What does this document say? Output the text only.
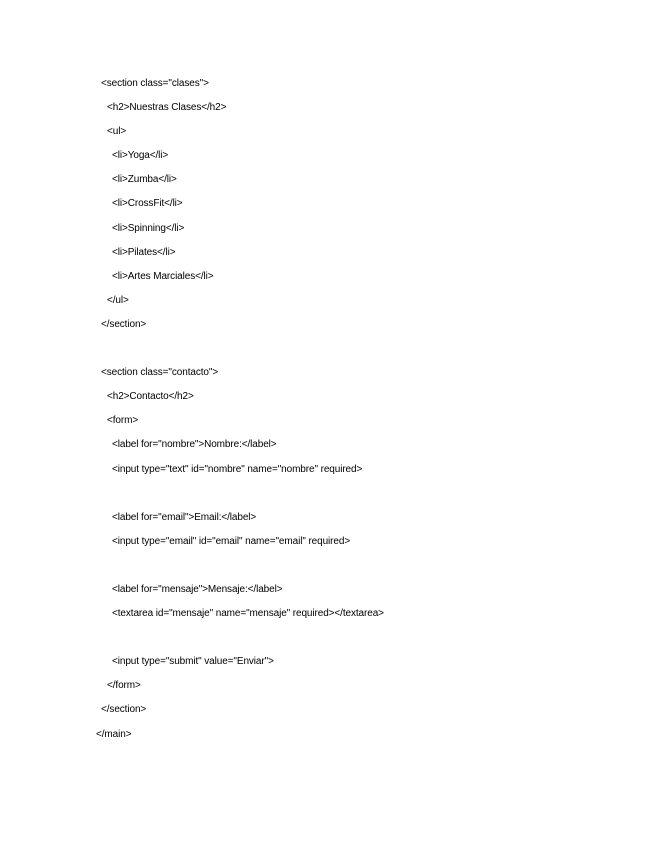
<section class="clases">
<h2>Nuestras Clases</h2>
<ul>
<li>Yoga</li>
<li>Zumba</li>
<li>CrossFit</li>
<li>Spinning</li>
<li>Pilates</li>
<li>Artes Marciales</li>
</ul>
</section>
<section class="contacto">
<h2>Contacto</h2>
<form>
<label for="nombre">Nombre:</label>
<input type="text" id="nombre" name="nombre" required>
<label for="email">Email:</label>
<input type="email" id="email" name="email" required>
<label for="mensaje">Mensaje:</label>
<textarea id="mensaje" name="mensaje" required></textarea>
<input type="submit" value="Enviar">
</form>
</section>
</main>
